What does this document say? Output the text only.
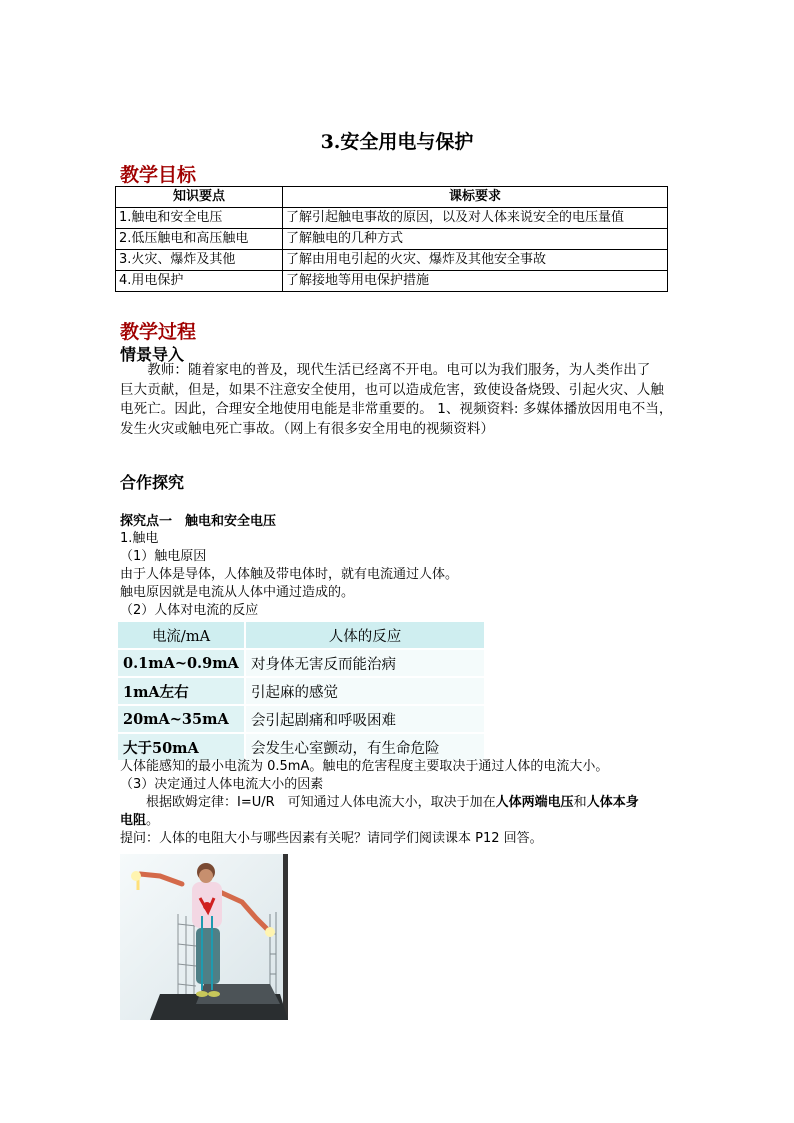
3.安全用电与保护
教学目标
知识要点	课标要求
1.触电和安全电压	了解引起触电事故的原因，以及对人体来说安全的电压量值
2.低压触电和高压触电	了解触电的几种方式
3.火灾、爆炸及其他	了解由用电引起的火灾、爆炸及其他安全事故
4.用电保护	了解接地等用电保护措施
教学过程
情景导入
　　教师：随着家电的普及，现代生活已经离不开电。电可以为我们服务，为人类作出了
巨大贡献，但是，如果不注意安全使用，也可以造成危害，致使设备烧毁、引起火灾、人触
电死亡。因此，合理安全地使用电能是非常重要的。 1、视频资料: 多媒体播放因用电不当，
发生火灾或触电死亡事故。（网上有很多安全用电的视频资料）
合作探究
探究点一　触电和安全电压
1.触电
（1）触电原因
由于人体是导体，人体触及带电体时，就有电流通过人体。
触电原因就是电流从人体中通过造成的。
（2）人体对电流的反应
电流/mA	人体的反应
0.1mA~0.9mA	对身体无害反而能治病
1mA左右	引起麻的感觉
20mA~35mA	会引起剧痛和呼吸困难
大于50mA	会发生心室颤动，有生命危险
人体能感知的最小电流为 0.5mA。触电的危害程度主要取决于通过人体的电流大小。
（3）决定通过人体电流大小的因素
　　根据欧姆定律：I=U/R　可知通过人体电流大小，取决于加在人体两端电压和人体本身
电阻。
提问：人体的电阻大小与哪些因素有关呢？请同学们阅读课本 P12 回答。
